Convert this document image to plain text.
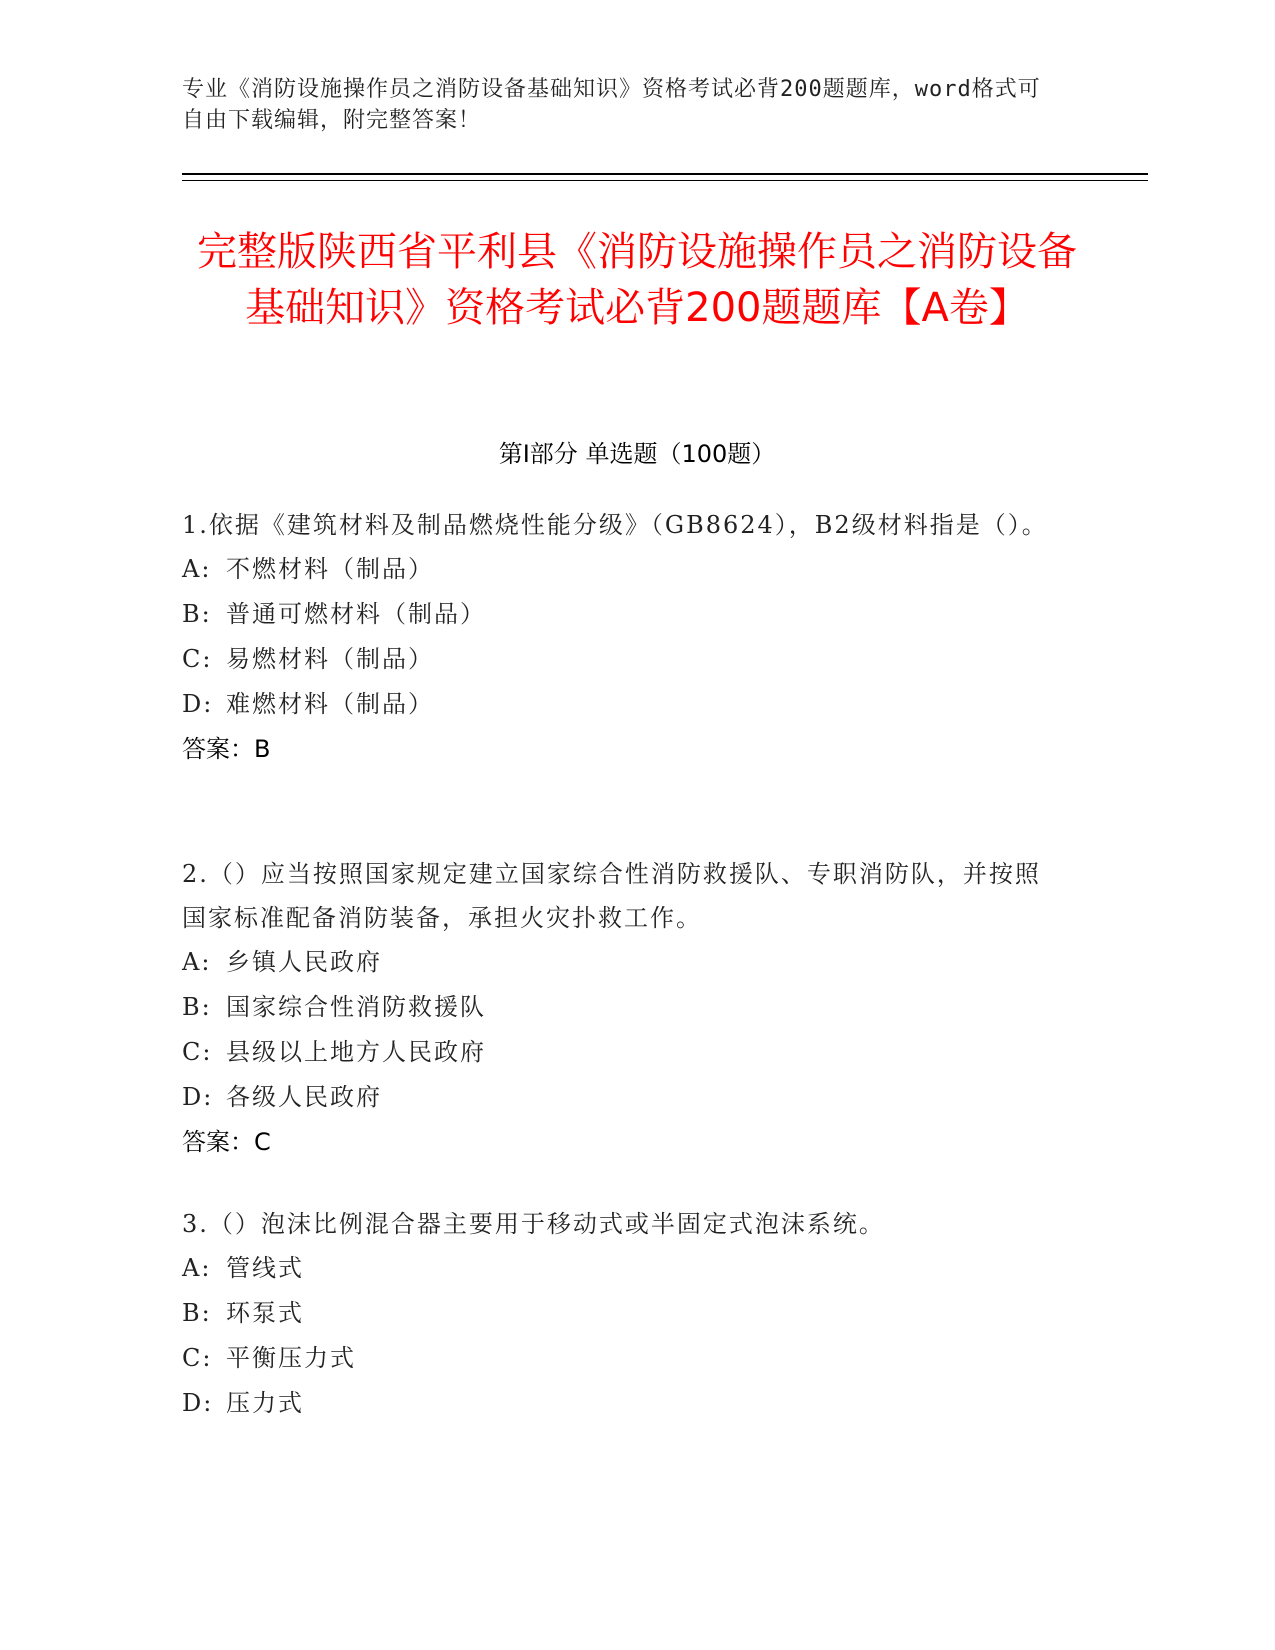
专业《消防设施操作员之消防设备基础知识》资格考试必背200题题库，word格式可自由下载编辑，附完整答案！
完整版陕西省平利县《消防设施操作员之消防设备基础知识》资格考试必背200题题库【A卷】
第Ⅰ部分 单选题（100题）
1.依据《建筑材料及制品燃烧性能分级》（GB8624），B2级材料指是（）。
A: 不燃材料（制品）
B: 普通可燃材料（制品）
C: 易燃材料（制品）
D: 难燃材料（制品）
答案：B
2.（）应当按照国家规定建立国家综合性消防救援队、专职消防队，并按照国家标准配备消防装备，承担火灾扑救工作。
A: 乡镇人民政府
B: 国家综合性消防救援队
C: 县级以上地方人民政府
D: 各级人民政府
答案：C
3.（）泡沫比例混合器主要用于移动式或半固定式泡沫系统。
A: 管线式
B: 环泵式
C: 平衡压力式
D: 压力式
